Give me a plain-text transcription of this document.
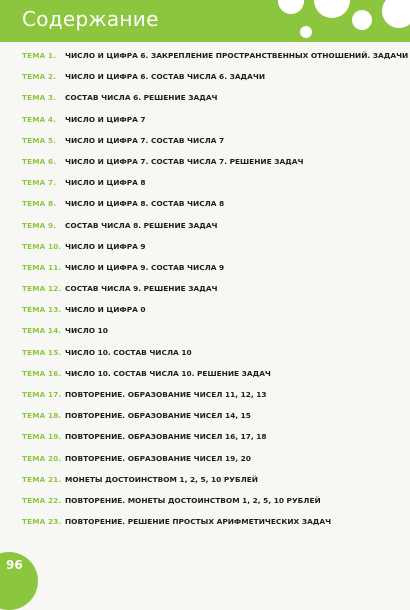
Содержание
ТЕМА 1.	ЧИСЛО И ЦИФРА 6. ЗАКРЕПЛЕНИЕ ПРОСТРАНСТВЕННЫХ ОТНОШЕНИЙ. ЗАДАЧИ
ТЕМА 2.	ЧИСЛО И ЦИФРА 6. СОСТАВ ЧИСЛА 6. ЗАДАЧИ
ТЕМА 3.	СОСТАВ ЧИСЛА 6. РЕШЕНИЕ ЗАДАЧ
ТЕМА 4.	ЧИСЛО И ЦИФРА 7
ТЕМА 5.	ЧИСЛО И ЦИФРА 7. СОСТАВ ЧИСЛА 7
ТЕМА 6.	ЧИСЛО И ЦИФРА 7. СОСТАВ ЧИСЛА 7. РЕШЕНИЕ ЗАДАЧ
ТЕМА 7.	ЧИСЛО И ЦИФРА 8
ТЕМА 8.	ЧИСЛО И ЦИФРА 8. СОСТАВ ЧИСЛА 8
ТЕМА 9.	СОСТАВ ЧИСЛА 8. РЕШЕНИЕ ЗАДАЧ
ТЕМА 10. ЧИСЛО И ЦИФРА 9
ТЕМА 11. ЧИСЛО И ЦИФРА 9. СОСТАВ ЧИСЛА 9
ТЕМА 12. СОСТАВ ЧИСЛА 9. РЕШЕНИЕ ЗАДАЧ
ТЕМА 13. ЧИСЛО И ЦИФРА 0
ТЕМА 14. ЧИСЛО 10
ТЕМА 15. ЧИСЛО 10. СОСТАВ ЧИСЛА 10
ТЕМА 16. ЧИСЛО 10. СОСТАВ ЧИСЛА 10. РЕШЕНИЕ ЗАДАЧ
ТЕМА 17. ПОВТОРЕНИЕ. ОБРАЗОВАНИЕ ЧИСЕЛ 11, 12, 13
ТЕМА 18. ПОВТОРЕНИЕ. ОБРАЗОВАНИЕ ЧИСЕЛ 14, 15
ТЕМА 19. ПОВТОРЕНИЕ. ОБРАЗОВАНИЕ ЧИСЕЛ 16, 17, 18
ТЕМА 20. ПОВТОРЕНИЕ. ОБРАЗОВАНИЕ ЧИСЕЛ 19, 20
ТЕМА 21. МОНЕТЫ ДОСТОИНСТВОМ 1, 2, 5, 10 РУБЛЕЙ
ТЕМА 22. ПОВТОРЕНИЕ. МОНЕТЫ ДОСТОИНСТВОМ 1, 2, 5, 10 РУБЛЕЙ
ТЕМА 23. ПОВТОРЕНИЕ. РЕШЕНИЕ ПРОСТЫХ АРИФМЕТИЧЕСКИХ ЗАДАЧ
96
